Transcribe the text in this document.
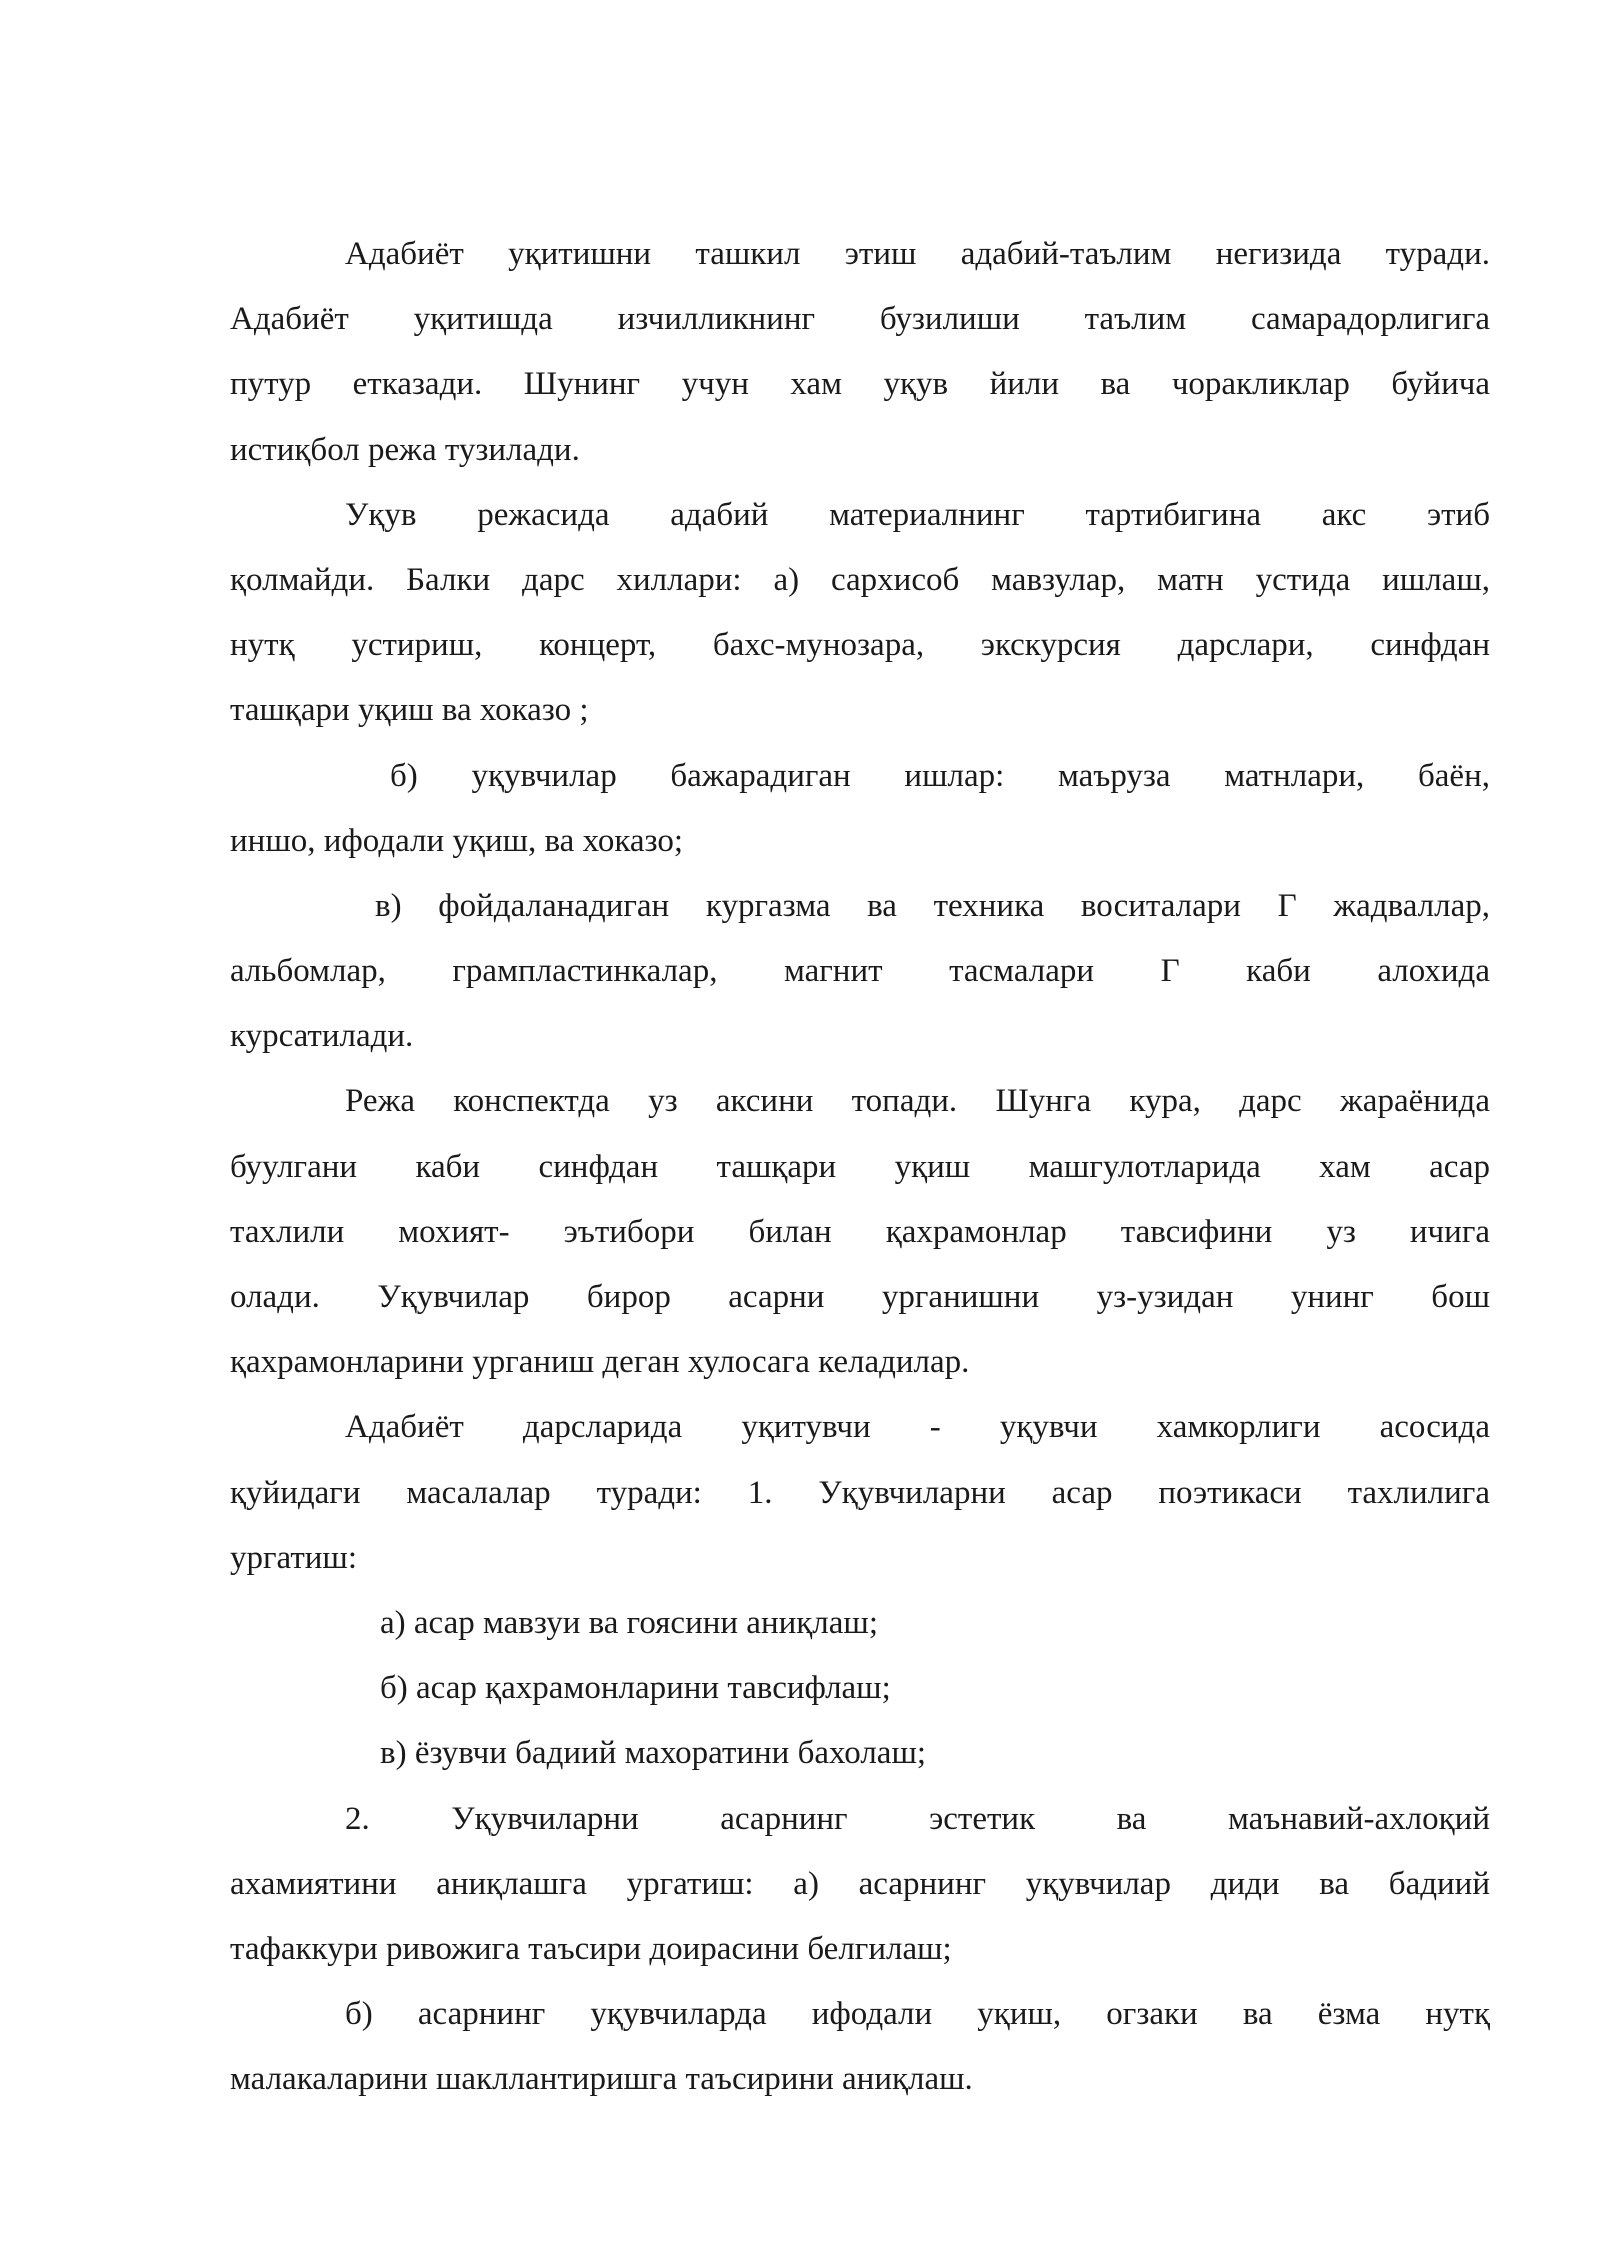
Адабиёт уқитишни ташкил этиш адабий-таълим негизида туради.
Адабиёт уқитишда изчилликнинг бузилиши таълим самарадорлигига
путур етказади. Шунинг учун хам уқув йили ва чоракликлар буйича
истиқбол режа тузилади.
Уқув режасида адабий материалнинг тартибигина акс этиб
қолмайди. Балки дарс хиллари: а) сархисоб мавзулар, матн устида ишлаш,
нутқ устириш, концерт, бахс-мунозара, экскурсия дарслари, синфдан
ташқари уқиш ва хоказо ;
б) уқувчилар бажарадиган ишлар: маъруза матнлари, баён,
иншо, ифодали уқиш, ва хоказо;
в) фойдаланадиган кургазма ва техника воситалари Г жадваллар,
альбомлар, грампластинкалар, магнит тасмалари Г каби алохида
курсатилади.
Режа конспектда уз аксини топади. Шунга кура, дарс жараёнида
буулгани каби синфдан ташқари уқиш машгулотларида хам асар
тахлили мохият- эътибори билан қахрамонлар тавсифини уз ичига
олади. Уқувчилар бирор асарни урганишни уз-узидан унинг бош
қахрамонларини урганиш деган хулосага келадилар.
Адабиёт дарсларида уқитувчи - уқувчи хамкорлиги асосида
қуйидаги масалалар туради: 1. Уқувчиларни асар поэтикаси тахлилига
ургатиш:
а) асар мавзуи ва гоясини аниқлаш;
б) асар қахрамонларини тавсифлаш;
в) ёзувчи бадиий махоратини бахолаш;
2. Уқувчиларни асарнинг эстетик ва маънавий-ахлоқий
ахамиятини аниқлашга ургатиш: а) асарнинг уқувчилар диди ва бадиий
тафаккури ривожига таъсири доирасини белгилаш;
б) асарнинг уқувчиларда ифодали уқиш, огзаки ва ёзма нутқ
малакаларини шакллантиришга таъсирини аниқлаш.
